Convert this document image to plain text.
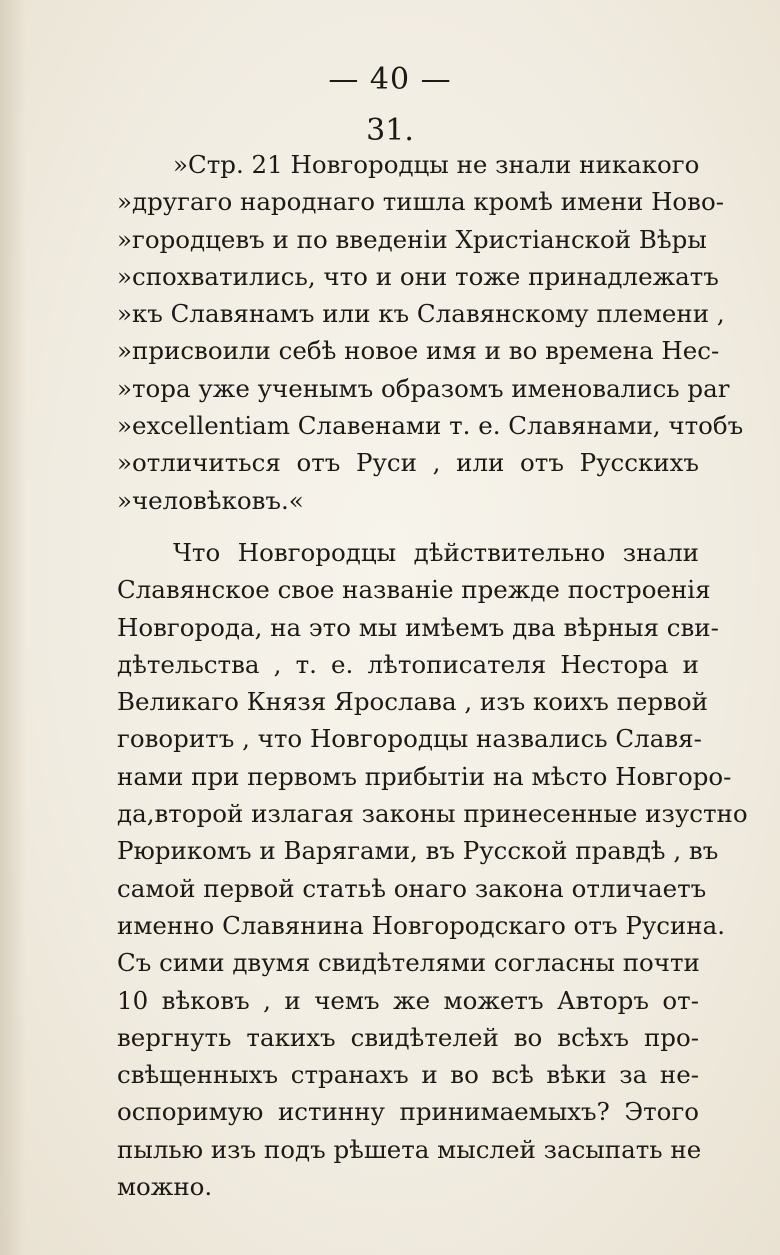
— 40 —
31.
»Стр. 21 Новгородцы не знали никакого
»другаго народнаго тишла кромѣ имени Ново-
»городцевъ и по введеніи Христіанской Вѣры
»спохватились, что и они тоже принадлежатъ
»къ Славянамъ или къ Славянскому племени ,
»присвоили себѣ новое имя и во времена Нес-
»тора уже ученымъ образомъ именовались par
»excellentiam Славенами т. е. Славянами, чтобъ
»отличиться отъ Руси , или отъ Русскихъ
»человѣковъ.«
Что Новгородцы дѣйствительно знали
Славянское свое названіе прежде построенія
Новгорода, на это мы имѣемъ два вѣрныя сви-
дѣтельства , т. е. лѣтописателя Нестора и
Великаго Князя Ярослава , изъ коихъ первой
говоритъ , что Новгородцы назвались Славя-
нами при первомъ прибытіи на мѣсто Новгоро-
да,второй излагая законы принесенные изустно
Рюрикомъ и Варягами, въ Русской правдѣ , въ
самой первой статьѣ онаго закона отличаетъ
именно Славянина Новгородскаго отъ Русина.
Съ сими двумя свидѣтелями согласны почти
10 вѣковъ , и чемъ же можетъ Авторъ от-
вергнуть такихъ свидѣтелей во всѣхъ про-
свѣщенныхъ странахъ и во всѣ вѣки за не-
оспоримую истинну принимаемыхъ? Этого
пылью изъ подъ рѣшета мыслей засыпать не
можно.
